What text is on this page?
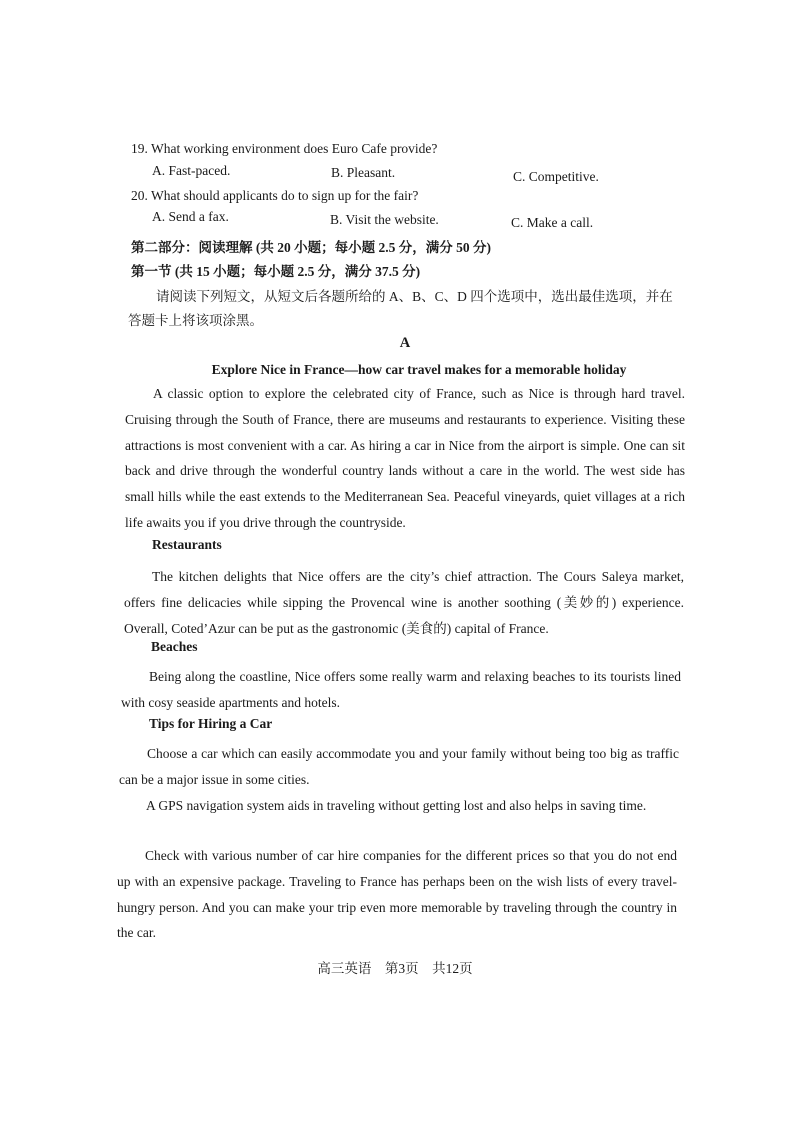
19. What working environment does Euro Cafe provide?
A. Fast-paced.	B. Pleasant.	C. Competitive.
20. What should applicants do to sign up for the fair?
A. Send a fax.	B. Visit the website.	C. Make a call.
第二部分：阅读理解 (共 20 小题；每小题 2.5 分，满分 50 分)
第一节 (共 15 小题；每小题 2.5 分，满分 37.5 分)
请阅读下列短文，从短文后各题所给的 A、B、C、D 四个选项中，选出最佳选项，并在答题卡上将该项涂黑。
A
Explore Nice in France—how car travel makes for a memorable holiday
A classic option to explore the celebrated city of France, such as Nice is through hard travel. Cruising through the South of France, there are museums and restaurants to experience. Visiting these attractions is most convenient with a car. As hiring a car in Nice from the airport is simple. One can sit back and drive through the wonderful country lands without a care in the world. The west side has small hills while the east extends to the Mediterranean Sea. Peaceful vineyards, quiet villages at a rich life awaits you if you drive through the countryside.
Restaurants
The kitchen delights that Nice offers are the city’s chief attraction. The Cours Saleya market, offers fine delicacies while sipping the Provencal wine is another soothing (美妙的) experience. Overall, Coted’Azur can be put as the gastronomic (美食的) capital of France.
Beaches
Being along the coastline, Nice offers some really warm and relaxing beaches to its tourists lined with cosy seaside apartments and hotels.
Tips for Hiring a Car
Choose a car which can easily accommodate you and your family without being too big as traffic can be a major issue in some cities.
A GPS navigation system aids in traveling without getting lost and also helps in saving time.
Check with various number of car hire companies for the different prices so that you do not end up with an expensive package. Traveling to France has perhaps been on the wish lists of every travel-hungry person. And you can make your trip even more memorable by traveling through the country in the car.
高三英语　第3页　共12页
